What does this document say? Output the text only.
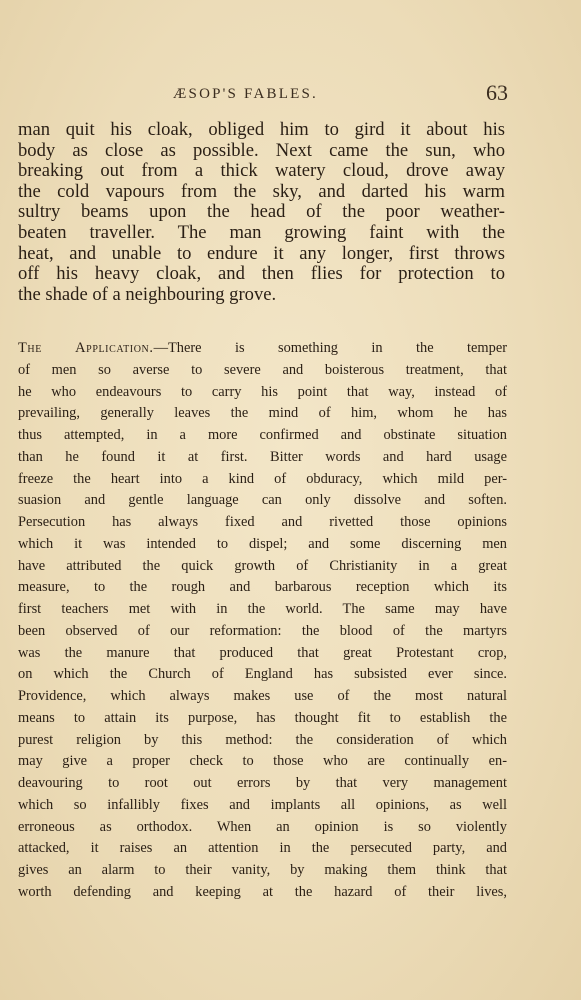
ÆSOP'S FABLES.	63
man quit his cloak, obliged him to gird it about his
body as close as possible. Next came the sun, who
breaking out from a thick watery cloud, drove away
the cold vapours from the sky, and darted his warm
sultry beams upon the head of the poor weather-
beaten traveller. The man growing faint with the
heat, and unable to endure it any longer, first throws
off his heavy cloak, and then flies for protection to
the shade of a neighbouring grove.
The Application.—There is something in the temper
of men so averse to severe and boisterous treatment, that
he who endeavours to carry his point that way, instead of
prevailing, generally leaves the mind of him, whom he has
thus attempted, in a more confirmed and obstinate situation
than he found it at first. Bitter words and hard usage
freeze the heart into a kind of obduracy, which mild per-
suasion and gentle language can only dissolve and soften.
Persecution has always fixed and rivetted those opinions
which it was intended to dispel; and some discerning men
have attributed the quick growth of Christianity in a great
measure, to the rough and barbarous reception which its
first teachers met with in the world. The same may have
been observed of our reformation: the blood of the martyrs
was the manure that produced that great Protestant crop,
on which the Church of England has subsisted ever since.
Providence, which always makes use of the most natural
means to attain its purpose, has thought fit to establish the
purest religion by this method: the consideration of which
may give a proper check to those who are continually en-
deavouring to root out errors by that very management
which so infallibly fixes and implants all opinions, as well
erroneous as orthodox. When an opinion is so violently
attacked, it raises an attention in the persecuted party, and
gives an alarm to their vanity, by making them think that
worth defending and keeping at the hazard of their lives,
